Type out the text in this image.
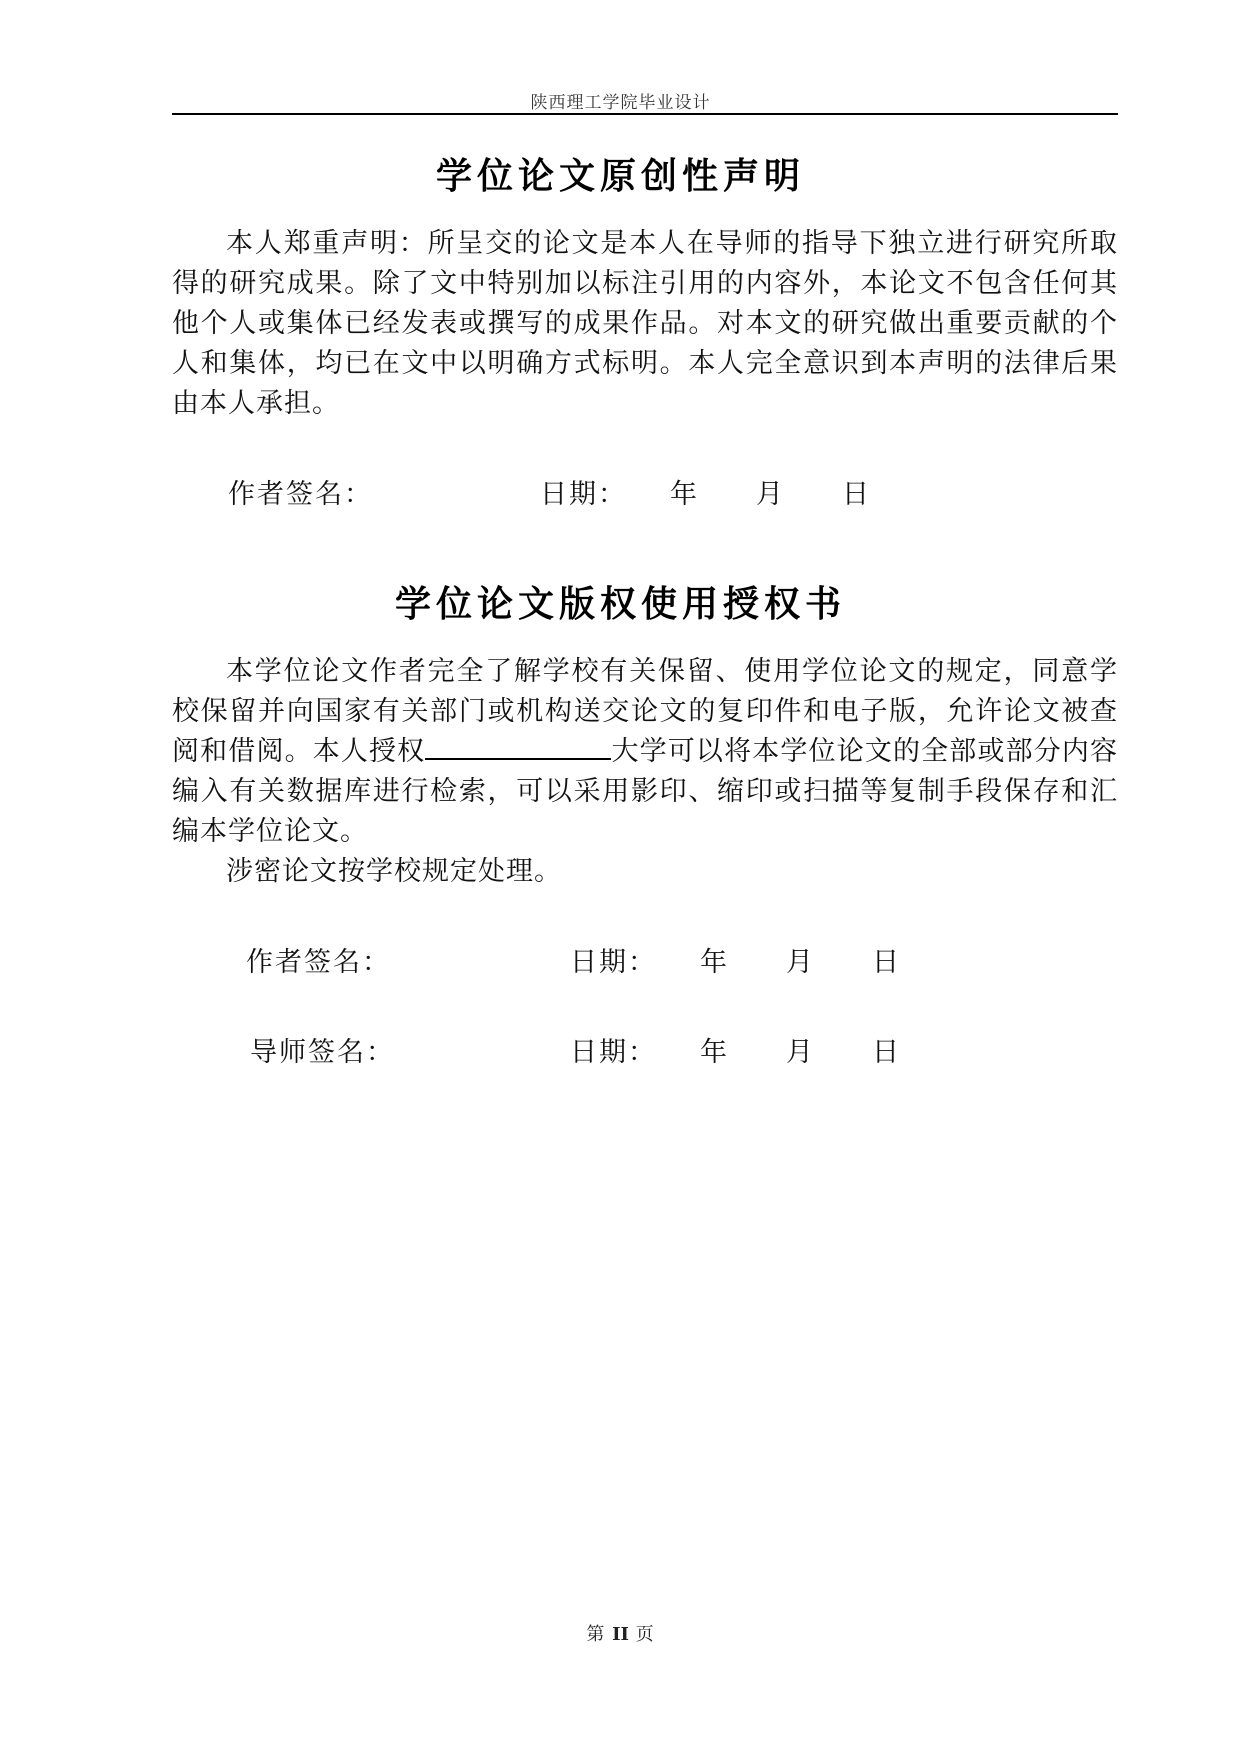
陕西理工学院毕业设计
学位论文原创性声明
本人郑重声明：所呈交的论文是本人在导师的指导下独立进行研究所取得的研究成果。除了文中特别加以标注引用的内容外，本论文不包含任何其他个人或集体已经发表或撰写的成果作品。对本文的研究做出重要贡献的个人和集体，均已在文中以明确方式标明。本人完全意识到本声明的法律后果由本人承担。
作者签名：	日期： 年 月 日
学位论文版权使用授权书
本学位论文作者完全了解学校有关保留、使用学位论文的规定，同意学校保留并向国家有关部门或机构送交论文的复印件和电子版，允许论文被查阅和借阅。本人授权	大学可以将本学位论文的全部或部分内容编入有关数据库进行检索，可以采用影印、缩印或扫描等复制手段保存和汇编本学位论文。
涉密论文按学校规定处理。
作者签名：	日期： 年 月 日
导师签名：	日期： 年 月 日
第 II 页
